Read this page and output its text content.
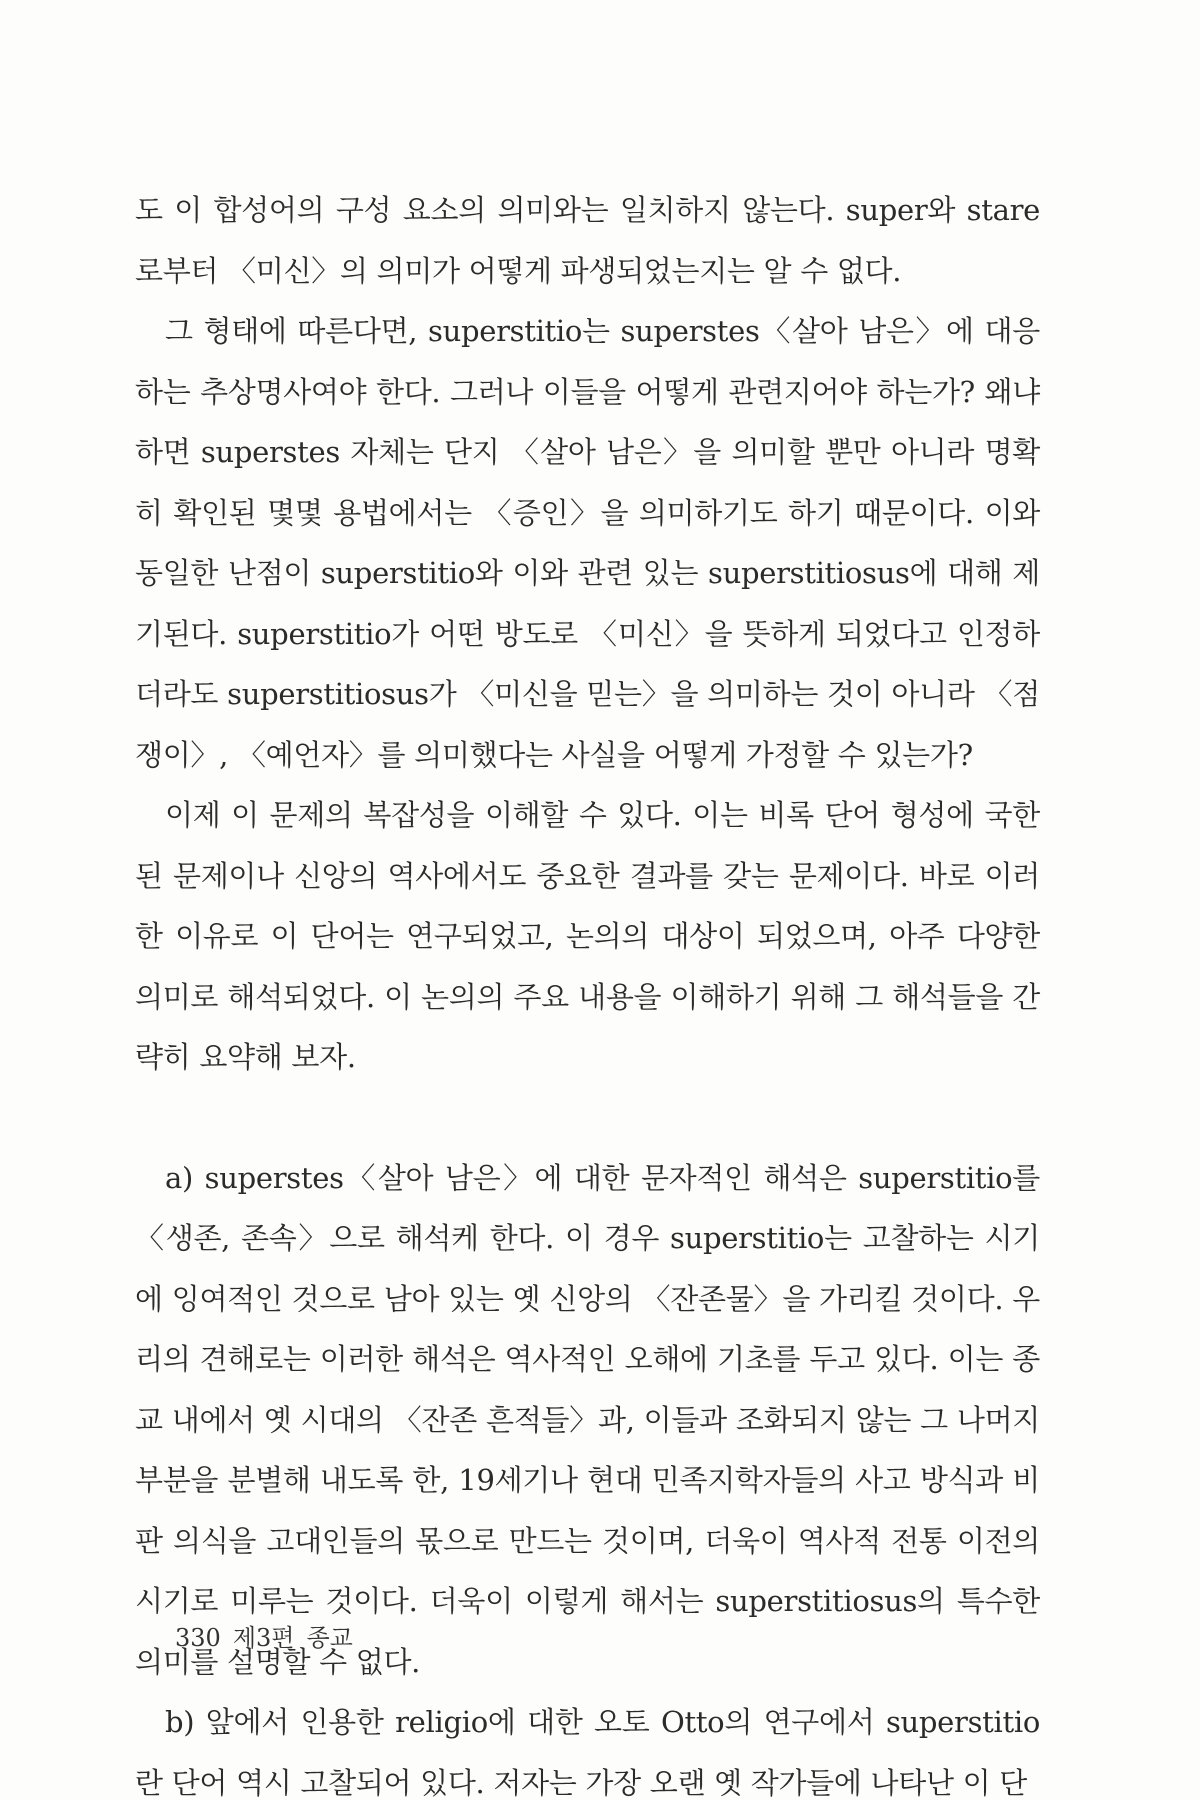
도 이 합성어의 구성 요소의 의미와는 일치하지 않는다. super와 stare 로부터 〈미신〉의 의미가 어떻게 파생되었는지는 알 수 없다.

그 형태에 따른다면, superstitio는 superstes〈살아 남은〉에 대응하는 추상명사여야 한다. 그러나 이들을 어떻게 관련지어야 하는가? 왜냐하면 superstes 자체는 단지 〈살아 남은〉을 의미할 뿐만 아니라 명확히 확인된 몇몇 용법에서는 〈증인〉을 의미하기도 하기 때문이다. 이와 동일한 난점이 superstitio와 이와 관련 있는 superstitiosus에 대해 제기된다. superstitio가 어떤 방도로 〈미신〉을 뜻하게 되었다고 인정하더라도 superstitiosus가 〈미신을 믿는〉을 의미하는 것이 아니라 〈점쟁이〉, 〈예언자〉를 의미했다는 사실을 어떻게 가정할 수 있는가?

이제 이 문제의 복잡성을 이해할 수 있다. 이는 비록 단어 형성에 국한된 문제이나 신앙의 역사에서도 중요한 결과를 갖는 문제이다. 바로 이러한 이유로 이 단어는 연구되었고, 논의의 대상이 되었으며, 아주 다양한 의미로 해석되었다. 이 논의의 주요 내용을 이해하기 위해 그 해석들을 간략히 요약해 보자.

a) superstes〈살아 남은〉에 대한 문자적인 해석은 superstitio를 〈생존, 존속〉으로 해석케 한다. 이 경우 superstitio는 고찰하는 시기에 잉여적인 것으로 남아 있는 옛 신앙의 〈잔존물〉을 가리킬 것이다. 우리의 견해로는 이러한 해석은 역사적인 오해에 기초를 두고 있다. 이는 종교 내에서 옛 시대의 〈잔존 흔적들〉과, 이들과 조화되지 않는 그 나머지 부분을 분별해 내도록 한, 19세기나 현대 민족지학자들의 사고 방식과 비판 의식을 고대인들의 몫으로 만드는 것이며, 더욱이 역사적 전통 이전의 시기로 미루는 것이다. 더욱이 이렇게 해서는 superstitiosus의 특수한 의미를 설명할 수 없다.

b) 앞에서 인용한 religio에 대한 오토 Otto의 연구에서 superstitio란 단어 역시 고찰되어 있다. 저자는 가장 오랜 옛 작가들에 나타난 이 단

330 제3편 종교
